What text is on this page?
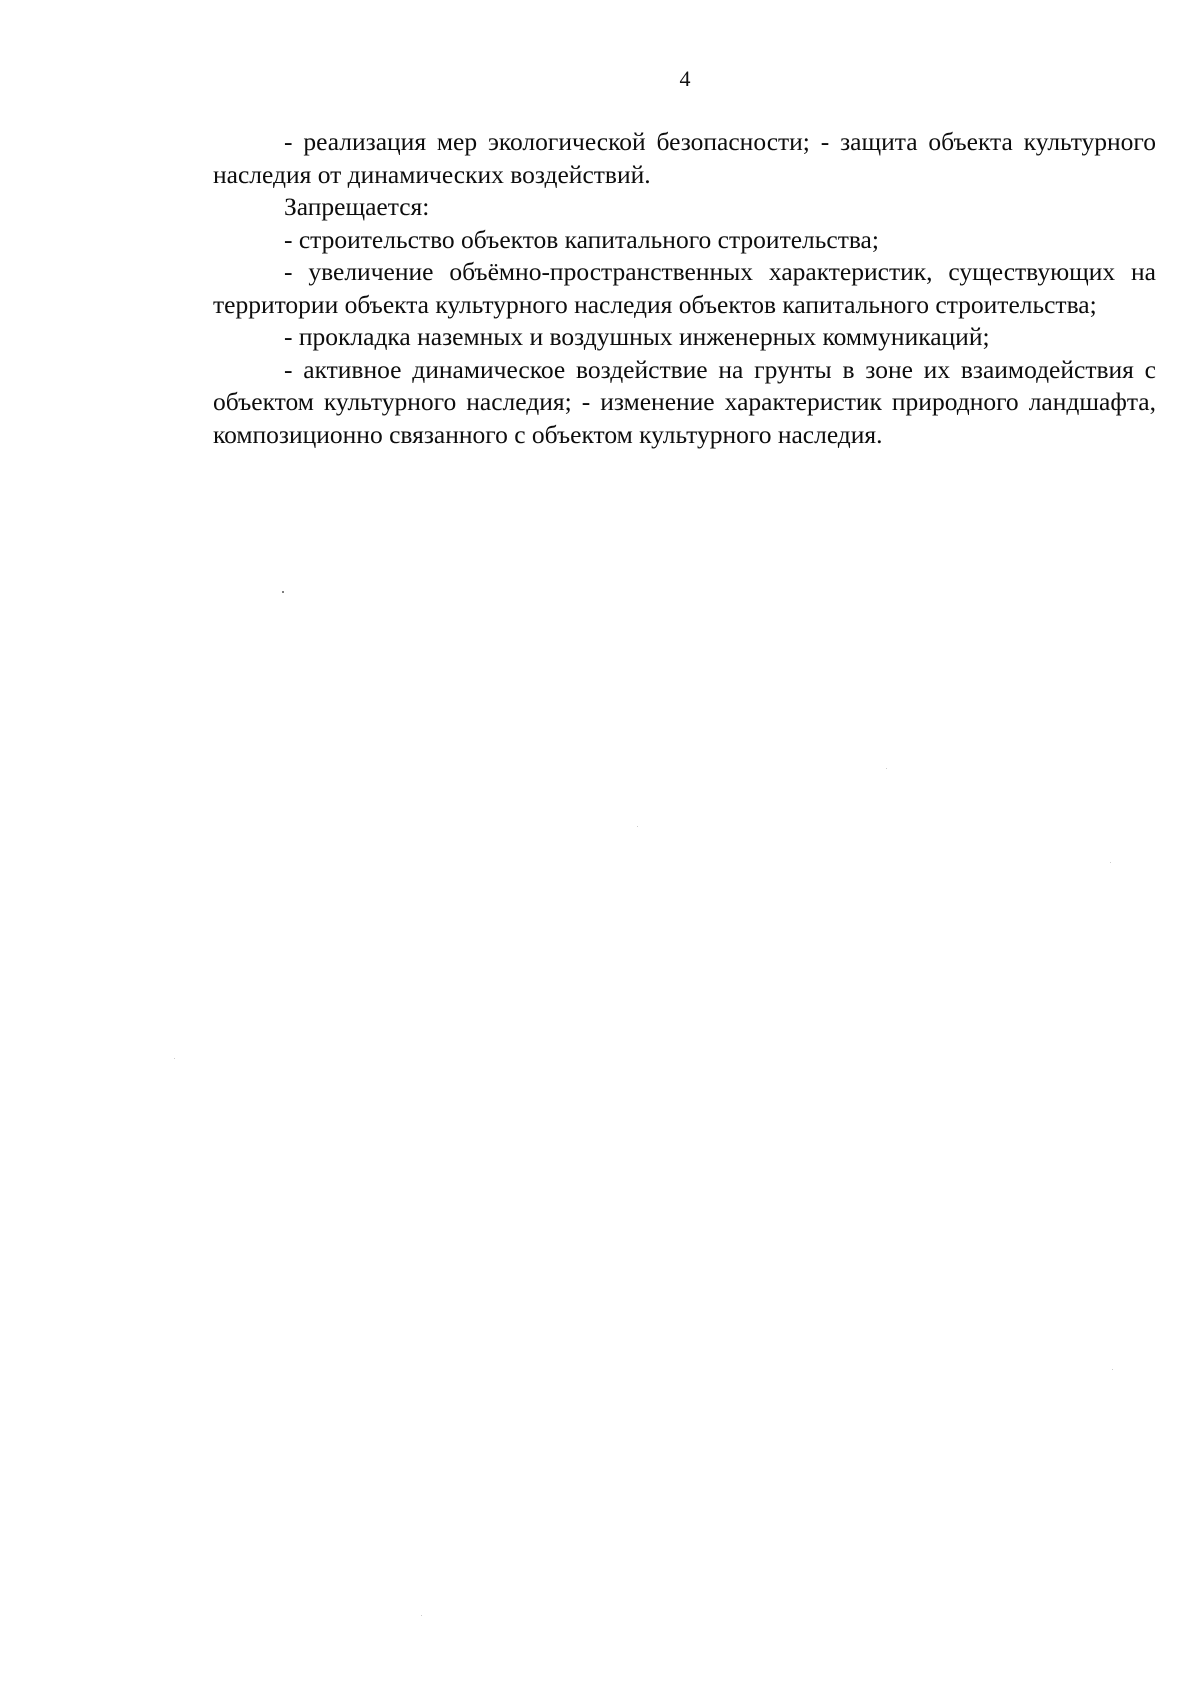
4

- реализация мер экологической безопасности; - защита объекта культурного наследия от динамических воздействий.

Запрещается:

- строительство объектов капитального строительства;

- увеличение объёмно-пространственных характеристик, существующих на территории объекта культурного наследия объектов капитального строительства;

- прокладка наземных и воздушных инженерных коммуникаций;

- активное динамическое воздействие на грунты в зоне их взаимодействия с объектом культурного наследия; - изменение характеристик природного ландшафта, композиционно связанного с объектом культурного наследия.
